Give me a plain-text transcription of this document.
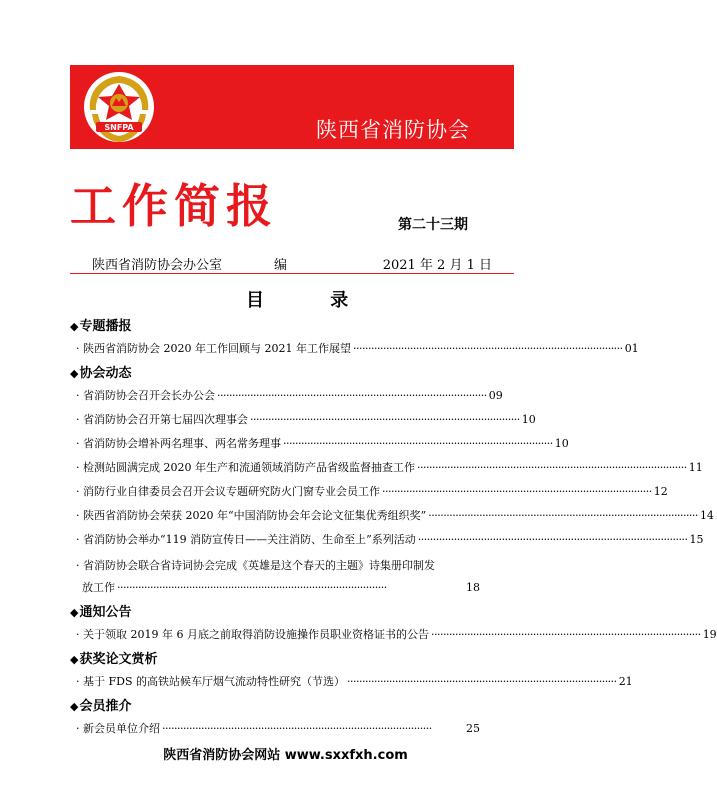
SNFPA	陕西省消防协会
工作简报	第二十三期
陕西省消防协会办公室	编	2021 年 2 月 1 日
目 录
◆专题播报
· 陕西省消防协会 2020 年工作回顾与 2021 年工作展望 ·························································································· 01
◆协会动态
· 省消防协会召开会长办公会 ·························································································· 09
· 省消防协会召开第七届四次理事会 ·························································································· 10
· 省消防协会增补两名理事、两名常务理事 ·························································································· 10
· 检测站圆满完成 2020 年生产和流通领域消防产品省级监督抽查工作 ·························································································· 11
· 消防行业自律委员会召开会议专题研究防火门窗专业会员工作 ·························································································· 12
· 陕西省消防协会荣获 2020 年“中国消防协会年会论文征集优秀组织奖” ·························································································· 14
· 省消防协会举办“119 消防宣传日——关注消防、生命至上”系列活动 ·························································································· 15
· 省消防协会联合省诗词协会完成《英雄是这个春天的主题》诗集册印制发
放工作 ··························································································	18
◆通知公告
· 关于领取 2019 年 6 月底之前取得消防设施操作员职业资格证书的公告 ·························································································· 19
◆获奖论文赏析
· 基于 FDS 的高铁站候车厅烟气流动特性研究（节选） ·························································································· 21
◆会员推介
· 新会员单位介绍 ··························································································	25
陕西省消防协会网站 www.sxxfxh.com
